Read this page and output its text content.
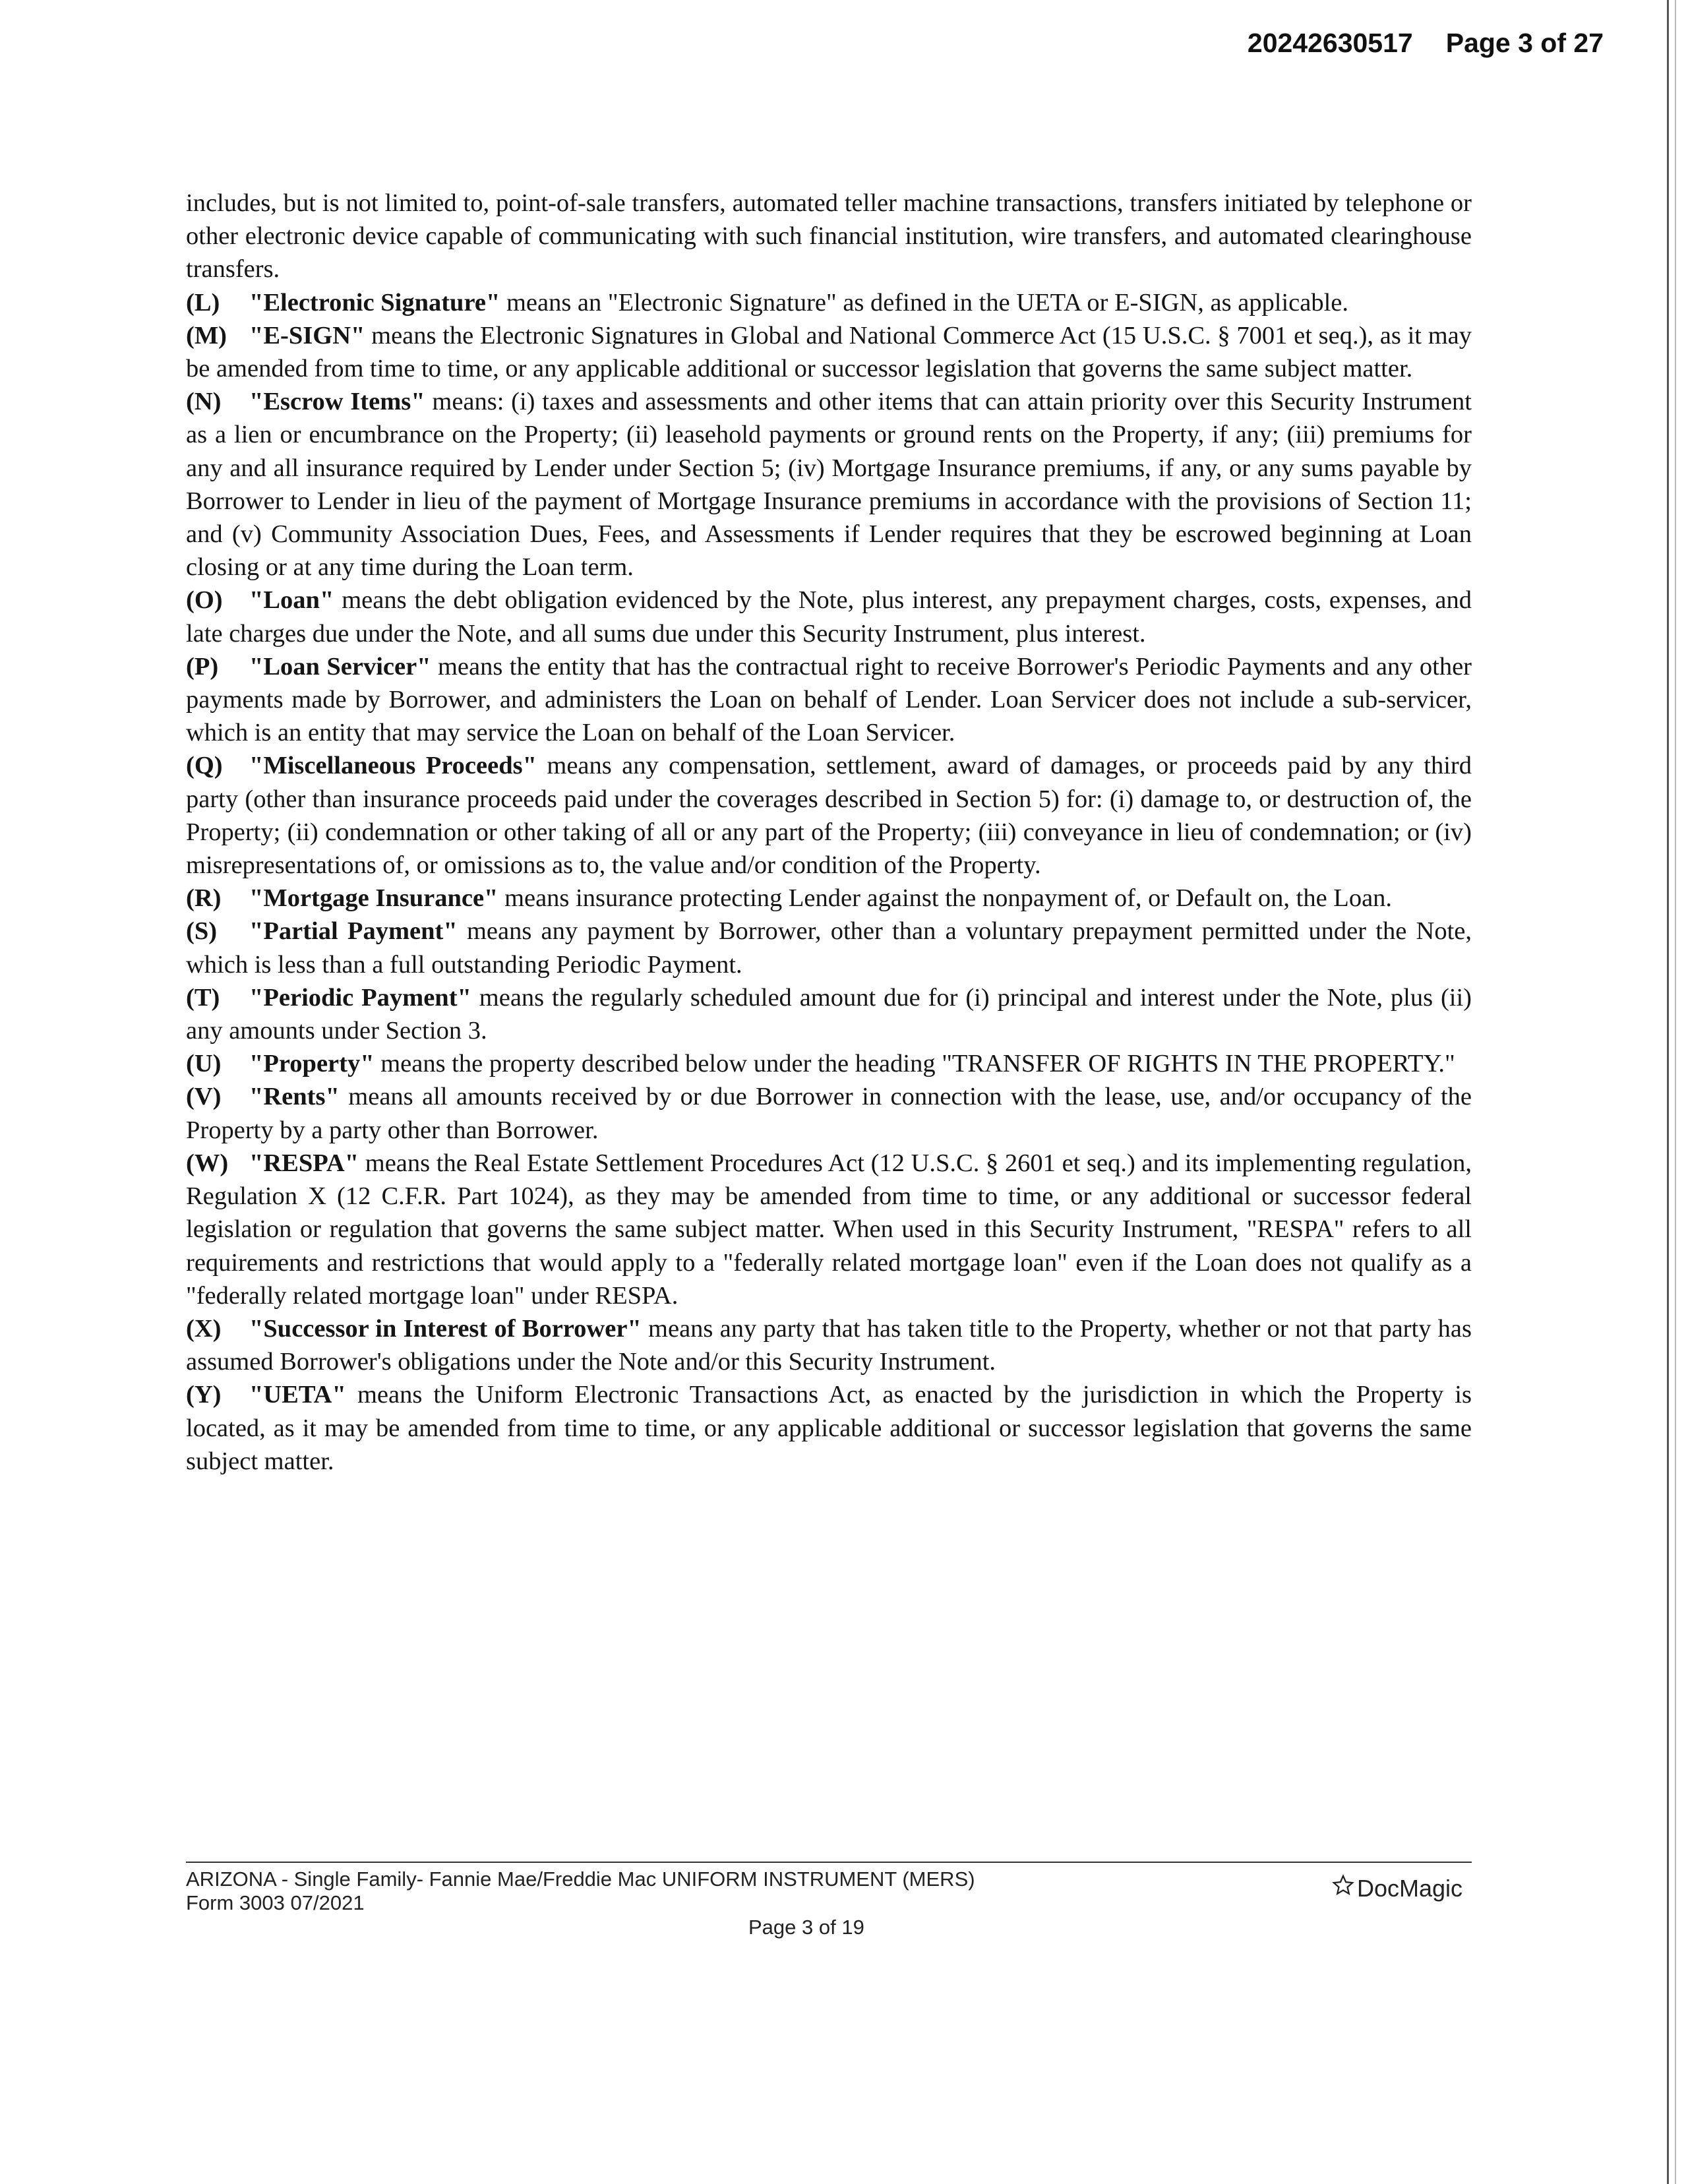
20242630517 Page 3 of 27

includes, but is not limited to, point-of-sale transfers, automated teller machine transactions, transfers initiated by telephone or other electronic device capable of communicating with such financial institution, wire transfers, and automated clearinghouse transfers.

(L) "Electronic Signature" means an "Electronic Signature" as defined in the UETA or E-SIGN, as applicable.

(M) "E-SIGN" means the Electronic Signatures in Global and National Commerce Act (15 U.S.C. § 7001 et seq.), as it may be amended from time to time, or any applicable additional or successor legislation that governs the same subject matter.

(N) "Escrow Items" means: (i) taxes and assessments and other items that can attain priority over this Security Instrument as a lien or encumbrance on the Property; (ii) leasehold payments or ground rents on the Property, if any; (iii) premiums for any and all insurance required by Lender under Section 5; (iv) Mortgage Insurance premiums, if any, or any sums payable by Borrower to Lender in lieu of the payment of Mortgage Insurance premiums in accordance with the provisions of Section 11; and (v) Community Association Dues, Fees, and Assessments if Lender requires that they be escrowed beginning at Loan closing or at any time during the Loan term.

(O) "Loan" means the debt obligation evidenced by the Note, plus interest, any prepayment charges, costs, expenses, and late charges due under the Note, and all sums due under this Security Instrument, plus interest.

(P) "Loan Servicer" means the entity that has the contractual right to receive Borrower's Periodic Payments and any other payments made by Borrower, and administers the Loan on behalf of Lender. Loan Servicer does not include a sub-servicer, which is an entity that may service the Loan on behalf of the Loan Servicer.

(Q) "Miscellaneous Proceeds" means any compensation, settlement, award of damages, or proceeds paid by any third party (other than insurance proceeds paid under the coverages described in Section 5) for: (i) damage to, or destruction of, the Property; (ii) condemnation or other taking of all or any part of the Property; (iii) conveyance in lieu of condemnation; or (iv) misrepresentations of, or omissions as to, the value and/or condition of the Property.

(R) "Mortgage Insurance" means insurance protecting Lender against the nonpayment of, or Default on, the Loan.

(S) "Partial Payment" means any payment by Borrower, other than a voluntary prepayment permitted under the Note, which is less than a full outstanding Periodic Payment.

(T) "Periodic Payment" means the regularly scheduled amount due for (i) principal and interest under the Note, plus (ii) any amounts under Section 3.

(U) "Property" means the property described below under the heading "TRANSFER OF RIGHTS IN THE PROPERTY."

(V) "Rents" means all amounts received by or due Borrower in connection with the lease, use, and/or occupancy of the Property by a party other than Borrower.

(W) "RESPA" means the Real Estate Settlement Procedures Act (12 U.S.C. § 2601 et seq.) and its implementing regulation, Regulation X (12 C.F.R. Part 1024), as they may be amended from time to time, or any additional or successor federal legislation or regulation that governs the same subject matter. When used in this Security Instrument, "RESPA" refers to all requirements and restrictions that would apply to a "federally related mortgage loan" even if the Loan does not qualify as a "federally related mortgage loan" under RESPA.

(X) "Successor in Interest of Borrower" means any party that has taken title to the Property, whether or not that party has assumed Borrower's obligations under the Note and/or this Security Instrument.

(Y) "UETA" means the Uniform Electronic Transactions Act, as enacted by the jurisdiction in which the Property is located, as it may be amended from time to time, or any applicable additional or successor legislation that governs the same subject matter.

ARIZONA - Single Family- Fannie Mae/Freddie Mac UNIFORM INSTRUMENT (MERS)
Form 3003 07/2021
Page 3 of 19
DocMagic
